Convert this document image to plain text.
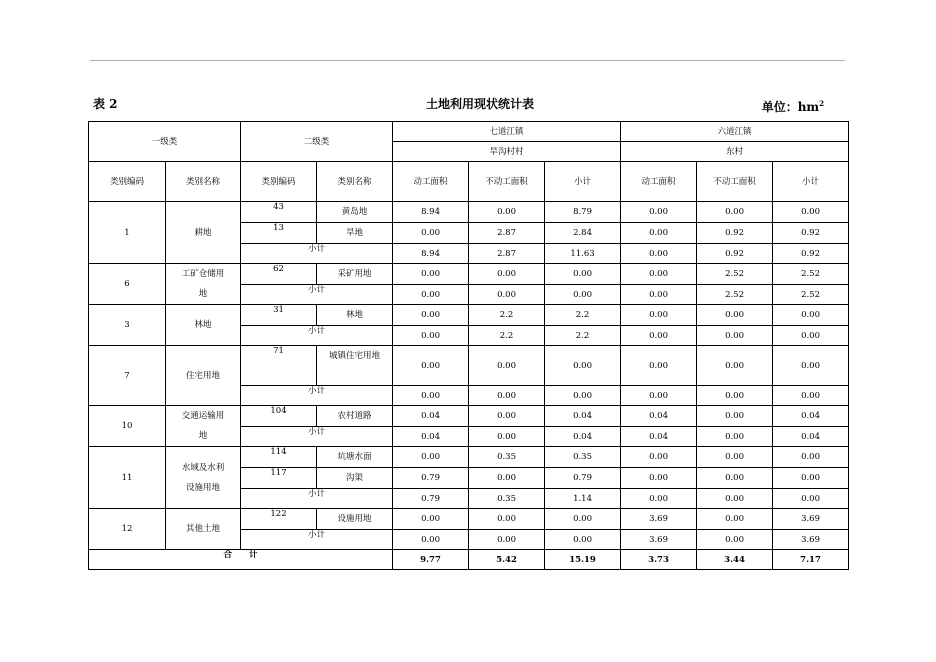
表 2	土地利用现状统计表	单位：$hm^2$
一级类		二级类		七道江镇			六道江镇		
				旱沟村村			东村		
类别编码	类别名称	类别编码	类别名称	动工面积	不动工面积	小计	动工面积	不动工面积	小计
1	耕地	43	黄岛地	8.94	0.00	8.79	0.00	0.00	0.00
		13	旱地	0.00	2.87	2.84	0.00	0.92	0.92
		小计		8.94	2.87	11.63	0.00	0.92	0.92
6	工矿仓储用地	62	采矿用地	0.00	0.00	0.00	0.00	2.52	2.52
		小计		0.00	0.00	0.00	0.00	2.52	2.52
3	林地	31	林地	0.00	2.2	2.2	0.00	0.00	0.00
		小计		0.00	2.2	2.2	0.00	0.00	0.00
7	住宅用地	71	城镇住宅用地	0.00	0.00	0.00	0.00	0.00	0.00
		小计		0.00	0.00	0.00	0.00	0.00	0.00
10	交通运输用地	104	农村道路	0.04	0.00	0.04	0.04	0.00	0.04
		小计		0.04	0.00	0.04	0.04	0.00	0.04
11	水域及水利设施用地	114	坑塘水面	0.00	0.35	0.35	0.00	0.00	0.00
		117	沟渠	0.79	0.00	0.79	0.00	0.00	0.00
		小计		0.79	0.35	1.14	0.00	0.00	0.00
12	其他土地	122	设施用地	0.00	0.00	0.00	3.69	0.00	3.69
		小计		0.00	0.00	0.00	3.69	0.00	3.69
合　　计				9.77	5.42	15.19	3.73	3.44	7.17
